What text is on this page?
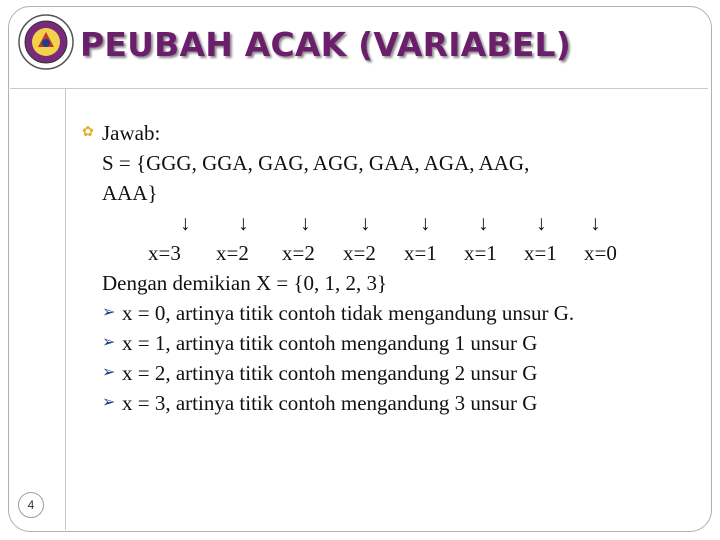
PEUBAH ACAK (VARIABEL)
✿ Jawab:
S = {GGG, GGA, GAG, AGG, GAA, AGA, AAG,
AAA}
↓ ↓ ↓ ↓ ↓ ↓ ↓ ↓
x=3 x=2 x=2 x=2 x=1 x=1 x=1 x=0
Dengan demikian X = {0, 1, 2, 3}
➢ x = 0, artinya titik contoh tidak mengandung unsur G.
➢ x = 1, artinya titik contoh mengandung 1 unsur G
➢ x = 2, artinya titik contoh mengandung 2 unsur G
➢ x = 3, artinya titik contoh mengandung 3 unsur G
4
